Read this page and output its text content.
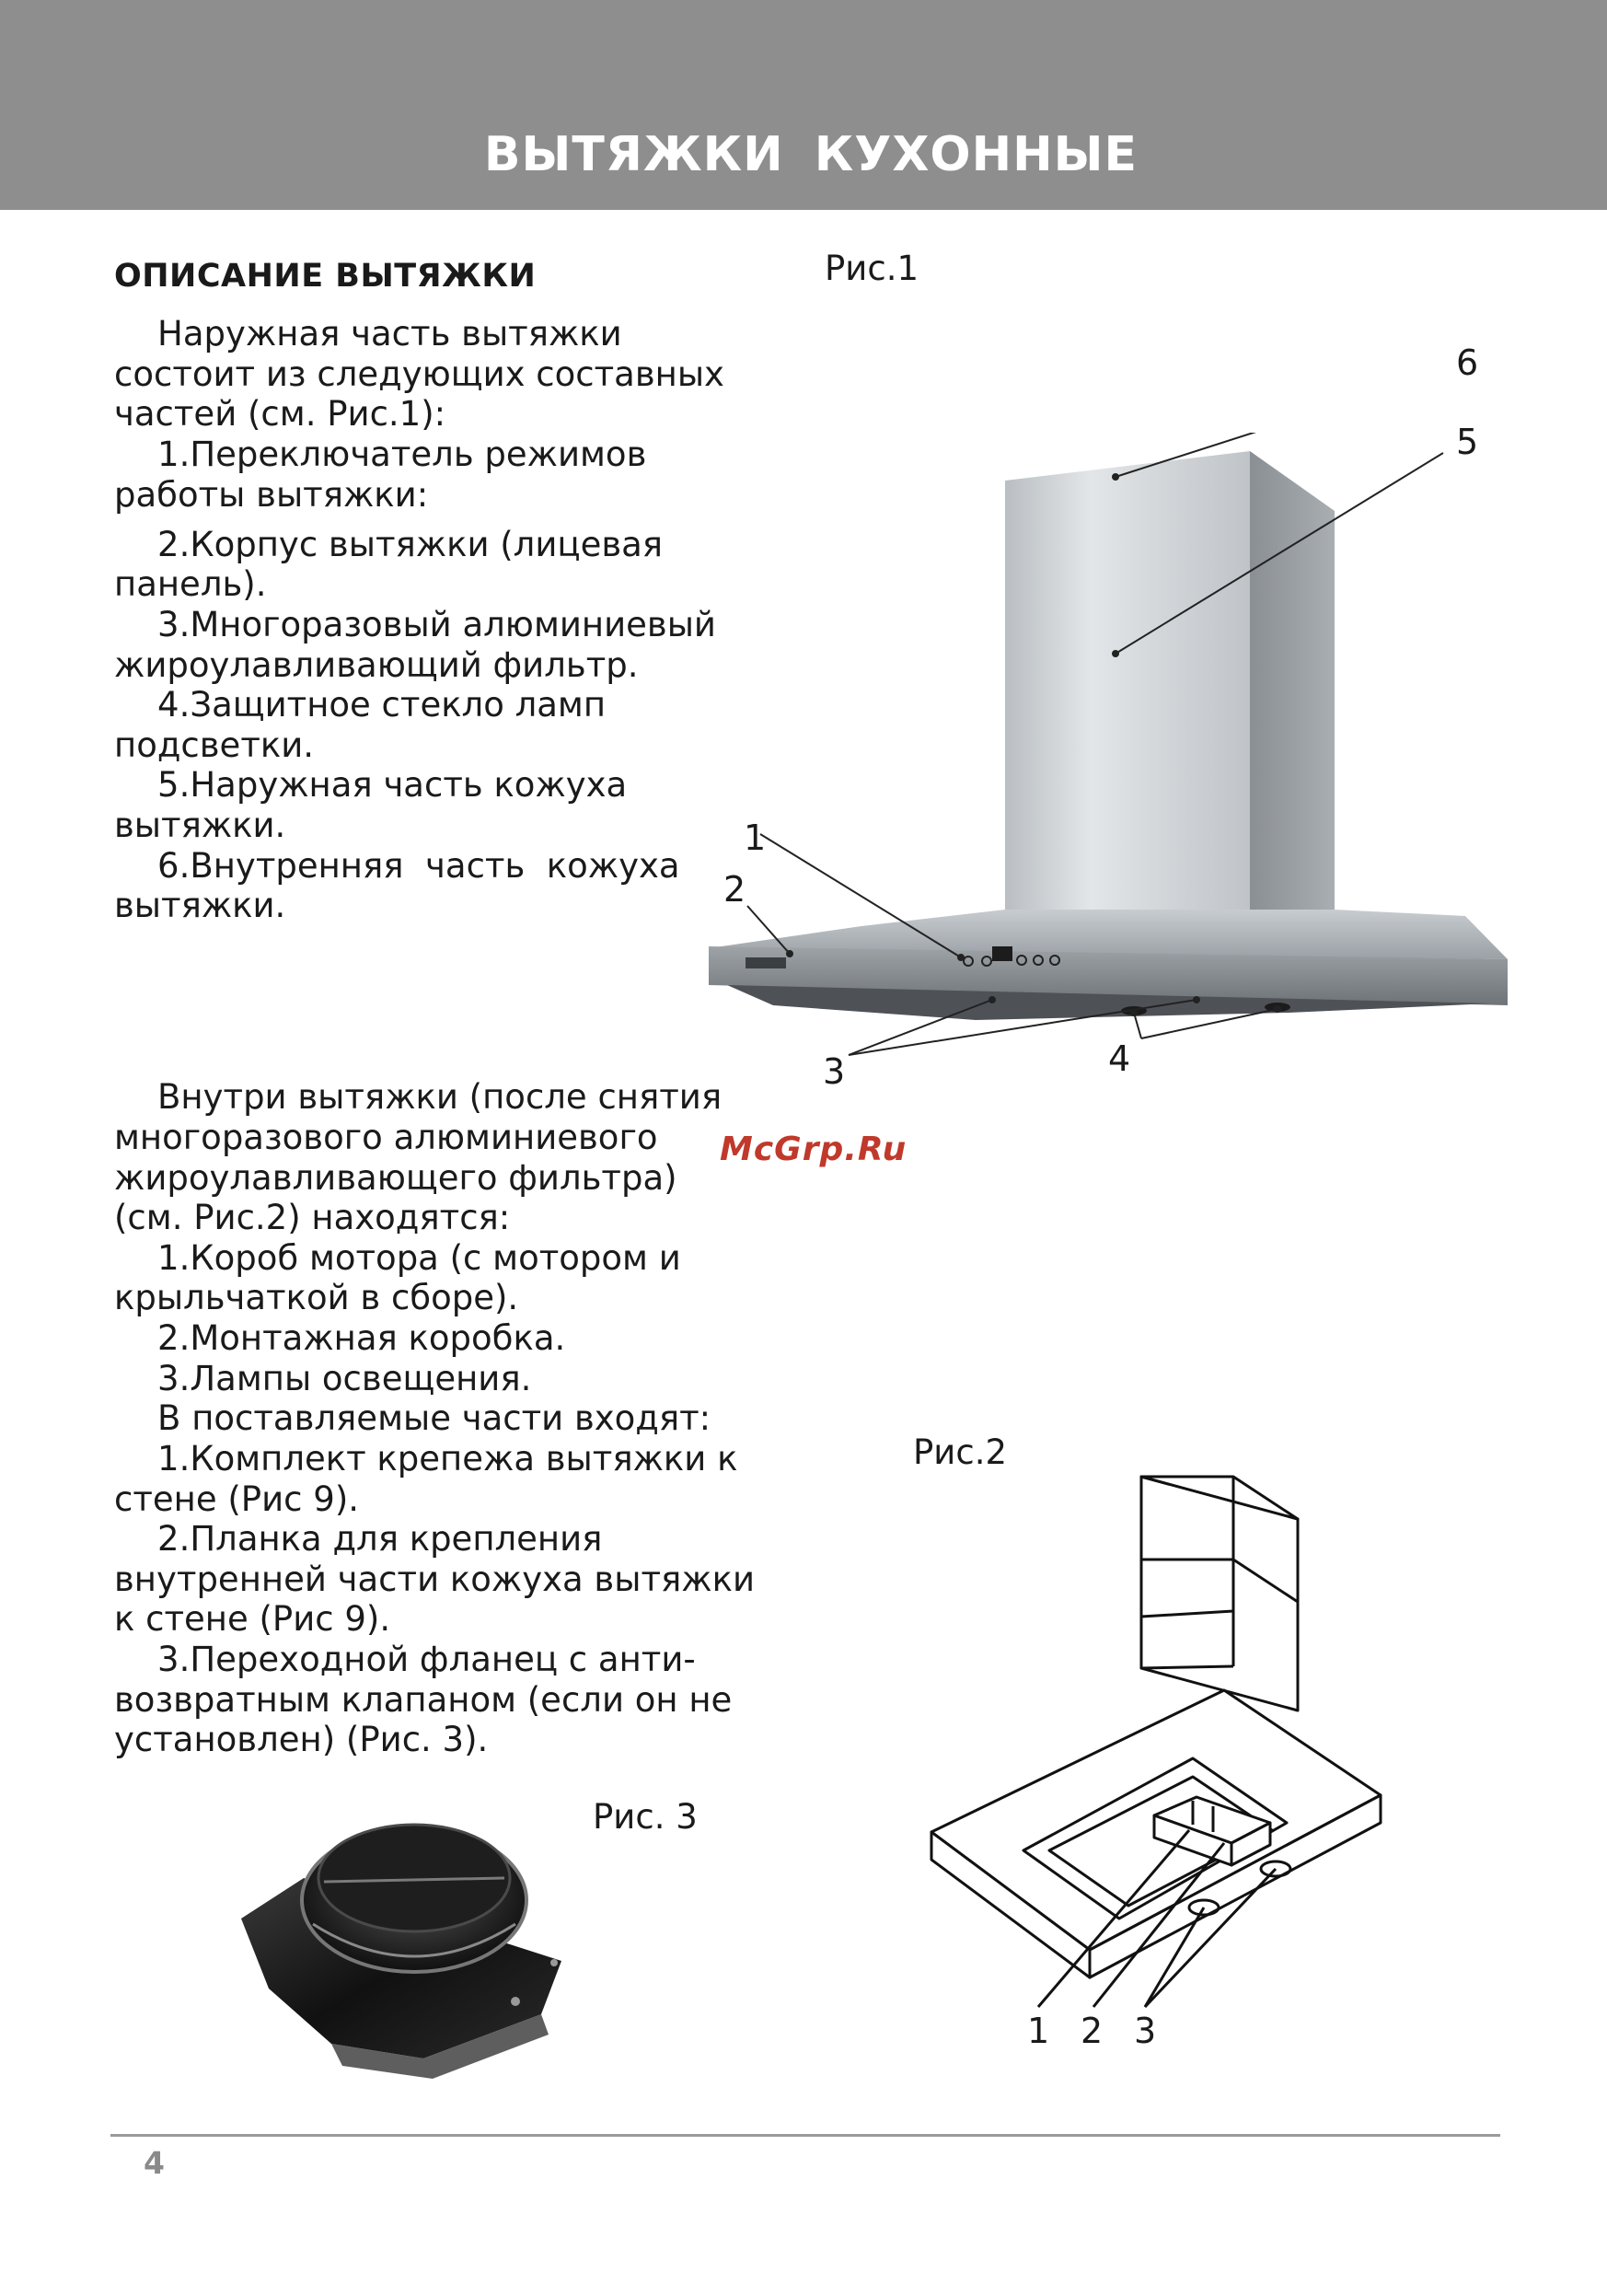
ВЫТЯЖКИ КУХОННЫЕ
ОПИСАНИЕ ВЫТЯЖКИ
Наружная часть вытяжки
состоит из следующих составных
частей (см. Рис.1):
1.Переключатель режимов
работы вытяжки:
2.Корпус вытяжки (лицевая
панель).
3.Многоразовый алюминиевый
жироулавливающий фильтр.
4.Защитное стекло ламп
подсветки.
5.Наружная часть кожуха
вытяжки.
6.Внутренняя  часть  кожуха
вытяжки.
Внутри вытяжки (после снятия
многоразового алюминиевого
жироулавливающего фильтра)
(см. Рис.2) находятся:
1.Короб мотора (с мотором и
крыльчаткой в сборе).
2.Монтажная коробка.
3.Лампы освещения.
В поставляемые части входят:
1.Комплект крепежа вытяжки к
стене (Рис 9).
2.Планка для крепления
внутренней части кожуха вытяжки
к стене (Рис 9).
3.Переходной фланец с анти-
возвратным клапаном (если он не
установлен) (Рис. 3).
Рис.1
Рис.2
Рис. 3
1
2
3	4
5
6
McGrp.Ru
1 2 3
4
